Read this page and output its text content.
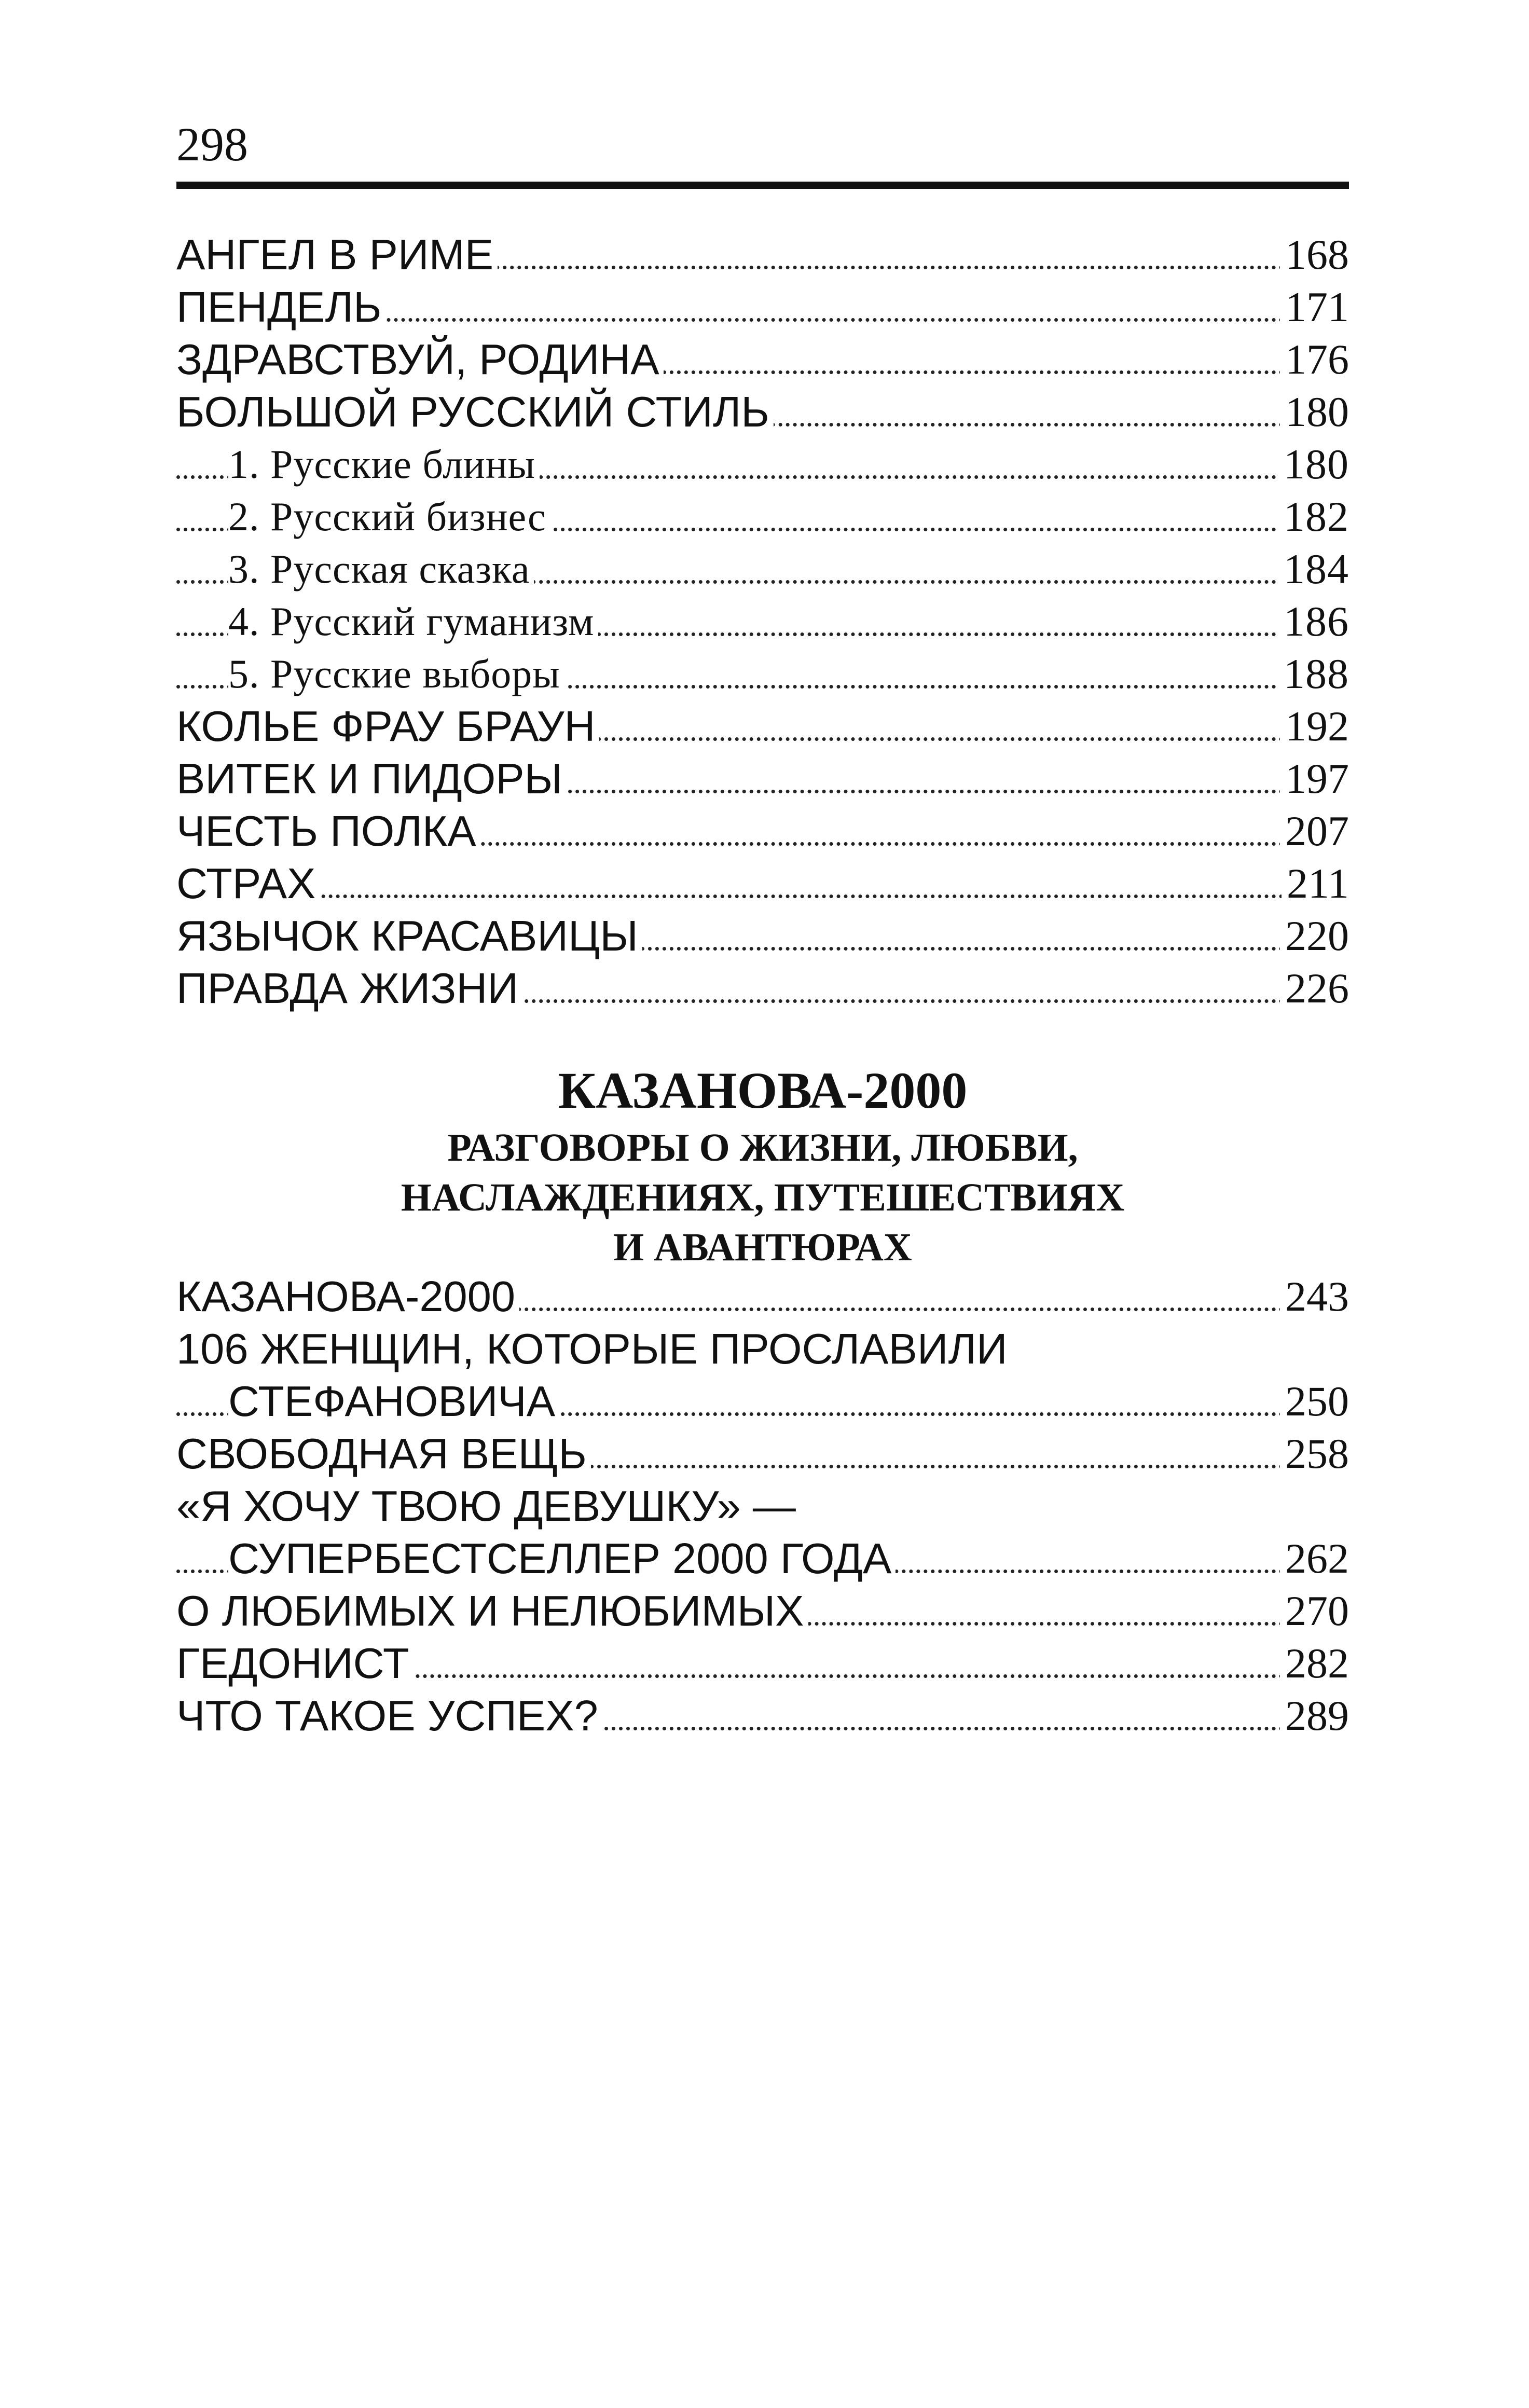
298
АНГЕЛ В РИМЕ	168
ПЕНДЕЛЬ	171
ЗДРАВСТВУЙ, РОДИНА	176
БОЛЬШОЙ РУССКИЙ СТИЛЬ	180
1. Русские блины	180
2. Русский бизнес	182
3. Русская сказка	184
4. Русский гуманизм	186
5. Русские выборы	188
КОЛЬЕ ФРАУ БРАУН	192
ВИТЕК И ПИДОРЫ	197
ЧЕСТЬ ПОЛКА	207
СТРАХ	211
ЯЗЫЧОК КРАСАВИЦЫ	220
ПРАВДА ЖИЗНИ	226
КАЗАНОВА-2000
РАЗГОВОРЫ О ЖИЗНИ, ЛЮБВИ,
НАСЛАЖДЕНИЯХ, ПУТЕШЕСТВИЯХ
И АВАНТЮРАХ
КАЗАНОВА-2000	243
106 ЖЕНЩИН, КОТОРЫЕ ПРОСЛАВИЛИ
СТЕФАНОВИЧА	250
СВОБОДНАЯ ВЕЩЬ	258
«Я ХОЧУ ТВОЮ ДЕВУШКУ» —
СУПЕРБЕСТСЕЛЛЕР 2000 ГОДА	262
О ЛЮБИМЫХ И НЕЛЮБИМЫХ	270
ГЕДОНИСТ	282
ЧТО ТАКОЕ УСПЕХ?	289
